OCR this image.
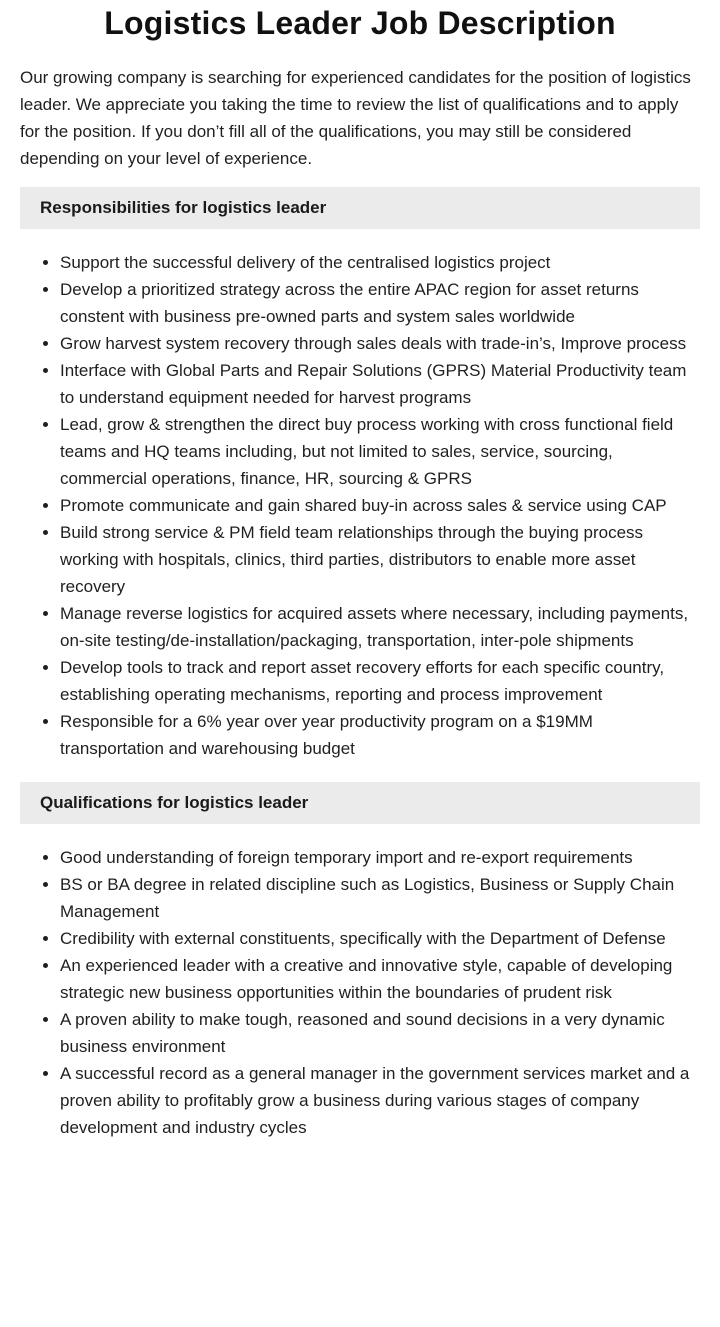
Logistics Leader Job Description

Our growing company is searching for experienced candidates for the position of logistics leader. We appreciate you taking the time to review the list of qualifications and to apply for the position. If you don’t fill all of the qualifications, you may still be considered depending on your level of experience.

Responsibilities for logistics leader
Support the successful delivery of the centralised logistics project
Develop a prioritized strategy across the entire APAC region for asset returns constent with business pre-owned parts and system sales worldwide
Grow harvest system recovery through sales deals with trade-in’s, Improve process
Interface with Global Parts and Repair Solutions (GPRS) Material Productivity team to understand equipment needed for harvest programs
Lead, grow & strengthen the direct buy process working with cross functional field teams and HQ teams including, but not limited to sales, service, sourcing, commercial operations, finance, HR, sourcing & GPRS
Promote communicate and gain shared buy-in across sales & service using CAP
Build strong service & PM field team relationships through the buying process working with hospitals, clinics, third parties, distributors to enable more asset recovery
Manage reverse logistics for acquired assets where necessary, including payments, on-site testing/de-installation/packaging, transportation, inter-pole shipments
Develop tools to track and report asset recovery efforts for each specific country, establishing operating mechanisms, reporting and process improvement
Responsible for a 6% year over year productivity program on a $19MM transportation and warehousing budget
Qualifications for logistics leader
Good understanding of foreign temporary import and re-export requirements
BS or BA degree in related discipline such as Logistics, Business or Supply Chain Management
Credibility with external constituents, specifically with the Department of Defense
An experienced leader with a creative and innovative style, capable of developing strategic new business opportunities within the boundaries of prudent risk
A proven ability to make tough, reasoned and sound decisions in a very dynamic business environment
A successful record as a general manager in the government services market and a proven ability to profitably grow a business during various stages of company development and industry cycles
